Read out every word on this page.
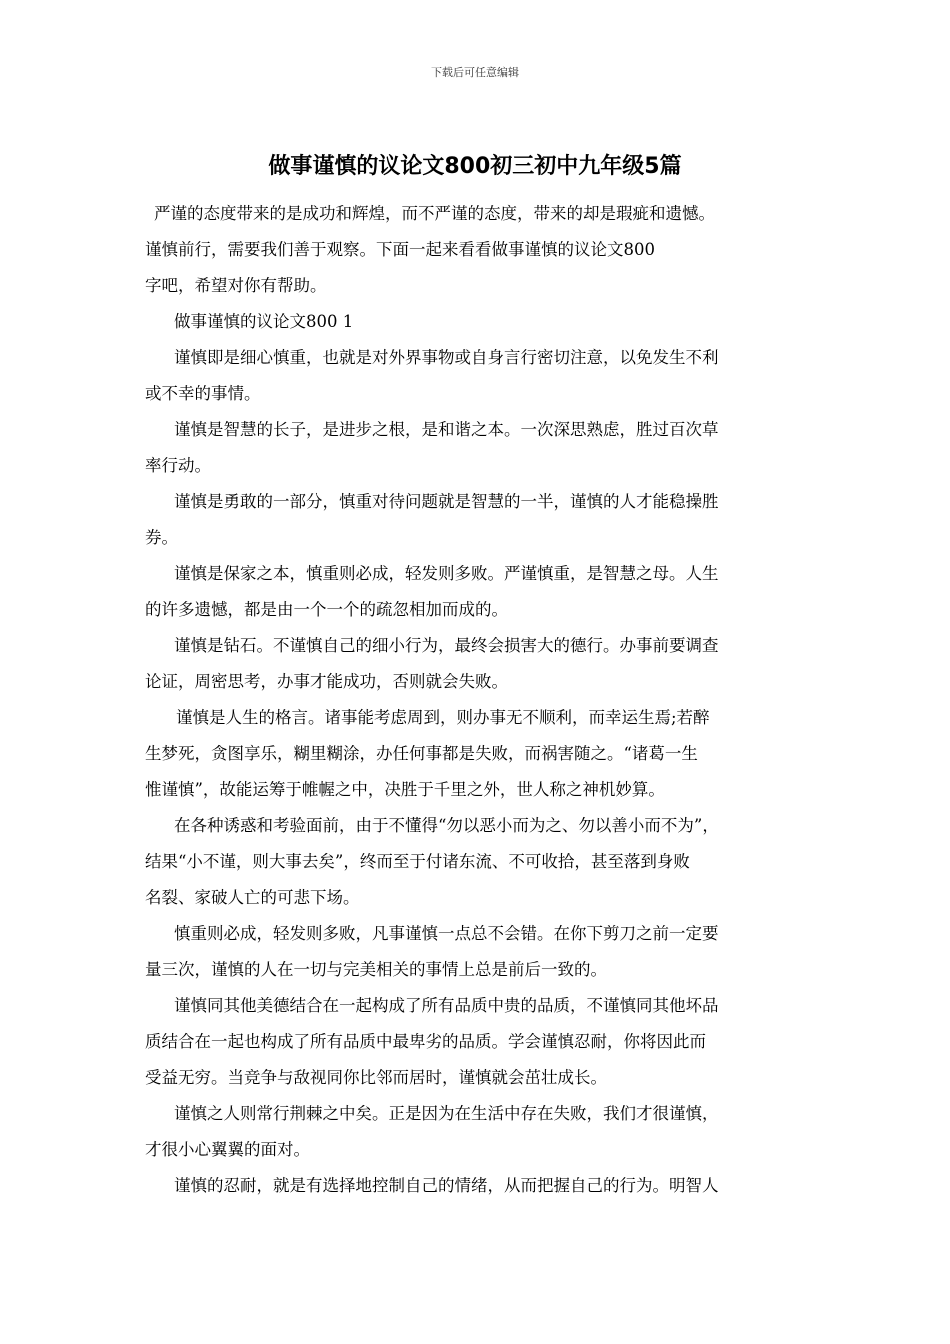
下载后可任意编辑
做事谨慎的议论文800初三初中九年级5篇
严谨的态度带来的是成功和辉煌，而不严谨的态度，带来的却是瑕疵和遗憾。
谨慎前行，需要我们善于观察。下面一起来看看做事谨慎的议论文800
字吧，希望对你有帮助。
做事谨慎的议论文800 1
谨慎即是细心慎重，也就是对外界事物或自身言行密切注意，以免发生不利
或不幸的事情。
谨慎是智慧的长子，是进步之根，是和谐之本。一次深思熟虑，胜过百次草
率行动。
谨慎是勇敢的一部分，慎重对待问题就是智慧的一半，谨慎的人才能稳操胜
券。
谨慎是保家之本，慎重则必成，轻发则多败。严谨慎重，是智慧之母。人生
的许多遗憾，都是由一个一个的疏忽相加而成的。
谨慎是钻石。不谨慎自己的细小行为，最终会损害大的德行。办事前要调查
论证，周密思考，办事才能成功，否则就会失败。
谨慎是人生的格言。诸事能考虑周到，则办事无不顺利，而幸运生焉;若醉
生梦死，贪图享乐，糊里糊涂，办任何事都是失败，而祸害随之。“诸葛一生
惟谨慎”，故能运筹于帷幄之中，决胜于千里之外，世人称之神机妙算。
在各种诱惑和考验面前，由于不懂得“勿以恶小而为之、勿以善小而不为”，
结果“小不谨，则大事去矣”，终而至于付诸东流、不可收拾，甚至落到身败
名裂、家破人亡的可悲下场。
慎重则必成，轻发则多败，凡事谨慎一点总不会错。在你下剪刀之前一定要
量三次，谨慎的人在一切与完美相关的事情上总是前后一致的。
谨慎同其他美德结合在一起构成了所有品质中贵的品质，不谨慎同其他坏品
质结合在一起也构成了所有品质中最卑劣的品质。学会谨慎忍耐，你将因此而
受益无穷。当竞争与敌视同你比邻而居时，谨慎就会茁壮成长。
谨慎之人则常行荆棘之中矣。正是因为在生活中存在失败，我们才很谨慎，
才很小心翼翼的面对。
谨慎的忍耐，就是有选择地控制自己的情绪，从而把握自己的行为。明智人
